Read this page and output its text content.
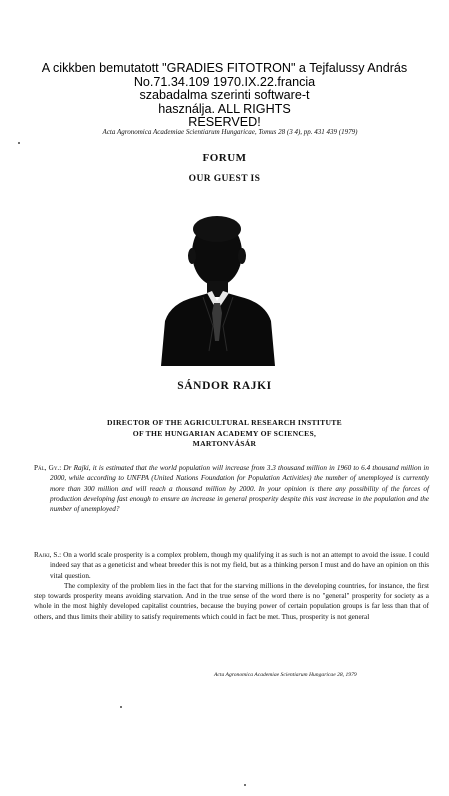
A cikkben bemutatott "GRADIES FITOTRON" a Tejfalussy András
No.71.34.109 1970.IX.22.francia
szabadalma szerinti software-t
használja. ALL RIGHTS
RESERVED!
Acta Agronomica Academiae Scientiarum Hungaricae, Tomus 28 (3 4), pp. 431 439 (1979)
FORUM
OUR GUEST IS
SÁNDOR RAJKI
DIRECTOR OF THE AGRICULTURAL RESEARCH INSTITUTE
OF THE HUNGARIAN ACADEMY OF SCIENCES,
MARTONVÁSÁR
Pál, Gy.: Dr Rajki, it is estimated that the world population will increase from 3.3 thousand million in 1960 to 6.4 thousand million in 2000, while according to UNFPA (United Nations Foundation for Population Activities) the number of unemployed is currently more than 300 million and will reach a thousand million by 2000. In your opinion is there any possibility of the forces of production developing fast enough to ensure an increase in general prosperity despite this vast increase in the population and the number of unemployed?
Rajki, S.: On a world scale prosperity is a complex problem, though my qualifying it as such is not an attempt to avoid the issue. I could indeed say that as a geneticist and wheat breeder this is not my field, but as a thinking person I must and do have an opinion on this vital question.
The complexity of the problem lies in the fact that for the starving millions in the developing countries, for instance, the first step towards prosperity means avoiding starvation. And in the true sense of the word there is no "general" prosperity for society as a whole in the most highly developed capitalist countries, because the buying power of certain population groups is far less than that of others, and thus limits their ability to satisfy requirements which could in fact be met. Thus, prosperity is not general
Acta Agronomica Academiae Scientiarum Hungaricae 28, 1979
